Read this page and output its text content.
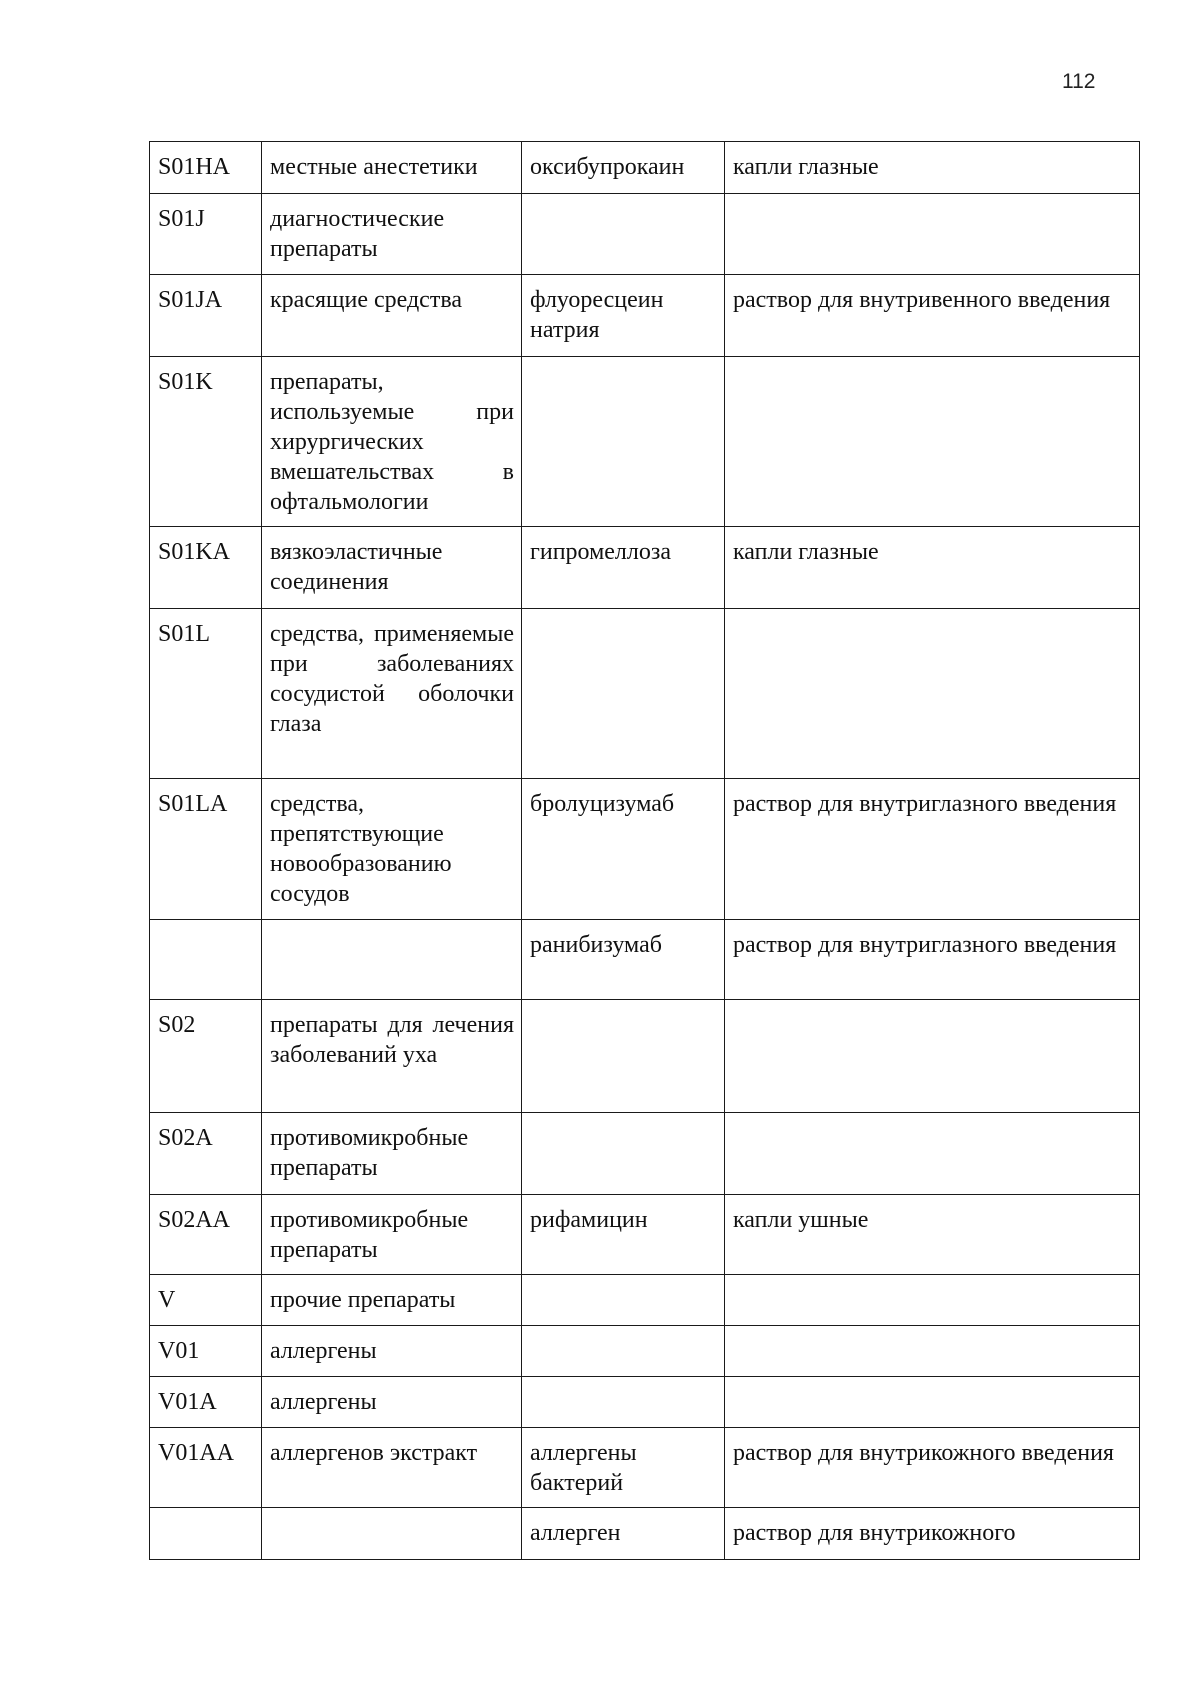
112
S01HA	местные анестетики	оксибупрокаин	капли глазные
S01J	диагностические препараты		
S01JA	красящие средства	флуоресцеин натрия	раствор для внутривенного введения
S01K	препараты, используемые при хирургических вмешательствах в офтальмологии		
S01KA	вязкоэластичные соединения	гипромеллоза	капли глазные
S01L	средства, применяемые при заболеваниях сосудистой оболочки глаза		
S01LA	средства, препятствующие новообразованию сосудов	бролуцизумаб	раствор для внутриглазного введения
		ранибизумаб	раствор для внутриглазного введения
S02	препараты для лечения заболеваний уха		
S02A	противомикробные препараты		
S02AA	противомикробные препараты	рифамицин	капли ушные
V	прочие препараты		
V01	аллергены		
V01A	аллергены		
V01AA	аллергенов экстракт	аллергены бактерий	раствор для внутрикожного введения
		аллерген	раствор для внутрикожного
